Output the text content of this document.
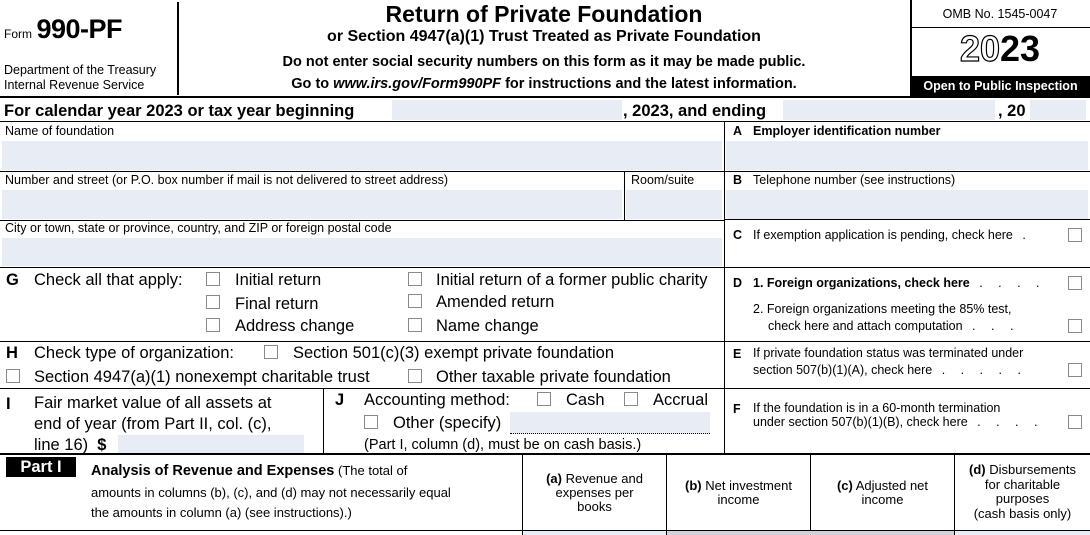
Form 990-PF
Department of the Treasury
Internal Revenue Service
Return of Private Foundation
or Section 4947(a)(1) Trust Treated as Private Foundation
Do not enter social security numbers on this form as it may be made public.
Go to www.irs.gov/Form990PF for instructions and the latest information.
OMB No. 1545-0047
2023
Open to Public Inspection
For calendar year 2023 or tax year beginning	, 2023, and ending	, 20
Name of foundation	A Employer identification number
Number and street (or P.O. box number if mail is not delivered to street address)	Room/suite	B Telephone number (see instructions)
City or town, state or province, country, and ZIP or foreign postal code	C If exemption application is pending, check here .
G Check all that apply:	Initial return	Initial return of a former public charity
Final return	Amended return
Address change	Name change
D 1. Foreign organizations, check here . . . .
2. Foreign organizations meeting the 85% test,
check here and attach computation . . .
H Check type of organization:	Section 501(c)(3) exempt private foundation
Section 4947(a)(1) nonexempt charitable trust	Other taxable private foundation
E If private foundation status was terminated under
section 507(b)(1)(A), check here . . . . .
I Fair market value of all assets at
end of year (from Part II, col. (c),
line 16) $
J Accounting method:	Cash	Accrual
Other (specify)
(Part I, column (d), must be on cash basis.)
F If the foundation is in a 60-month termination
under section 507(b)(1)(B), check here . . . .
Part I	Analysis of Revenue and Expenses (The total of
amounts in columns (b), (c), and (d) may not necessarily equal
the amounts in column (a) (see instructions).)
(a) Revenue and
expenses per
books
(b) Net investment
income
(c) Adjusted net
income
(d) Disbursements
for charitable
purposes
(cash basis only)
